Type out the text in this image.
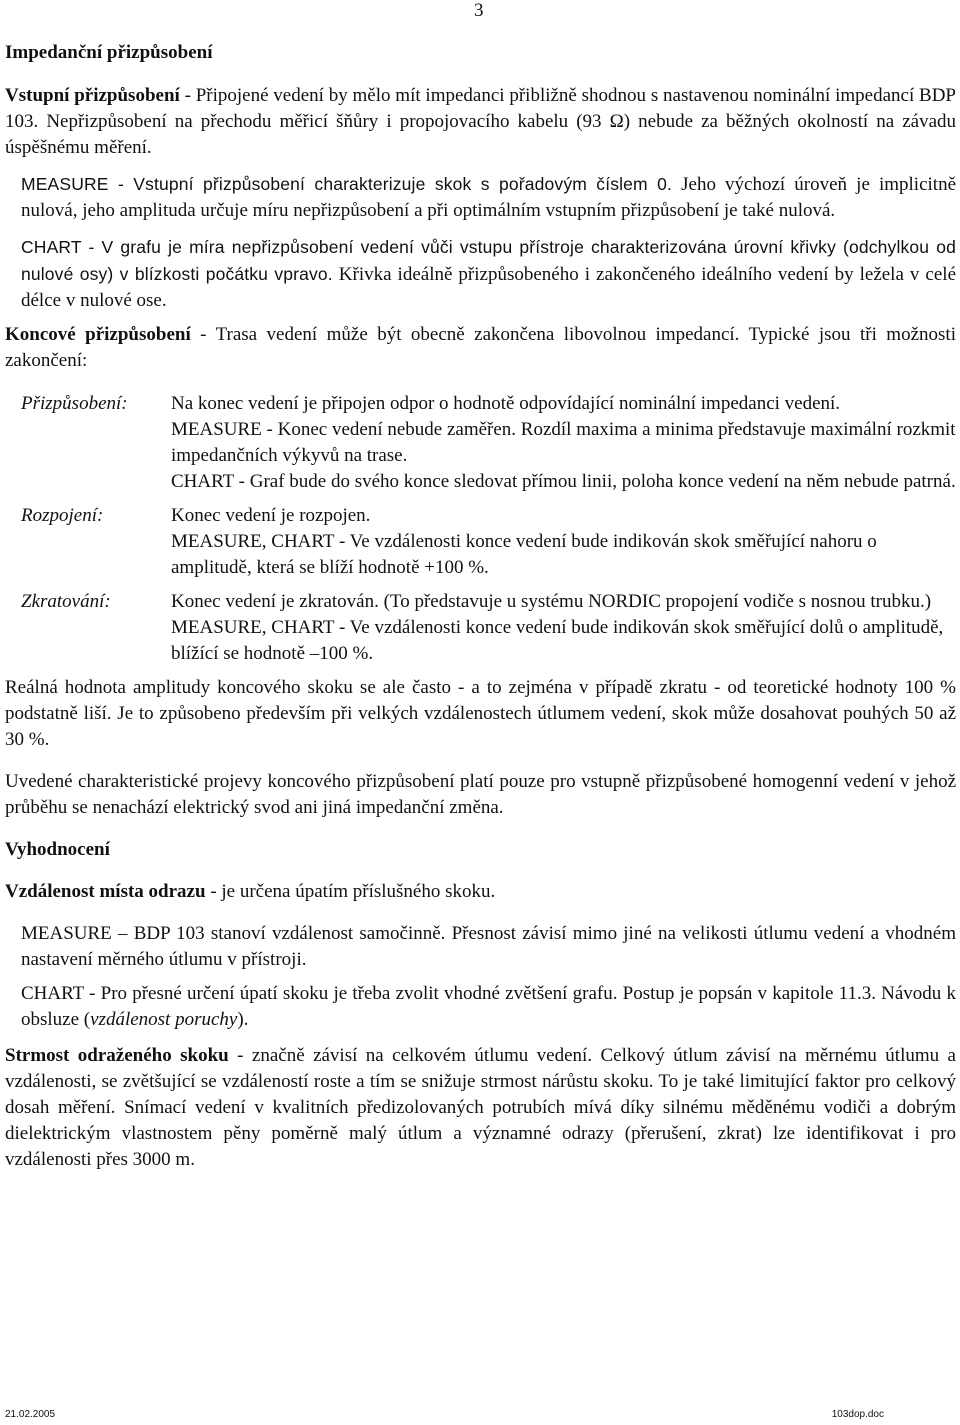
3

Impedanční přizpůsobení

Vstupní přizpůsobení - Připojené vedení by mělo mít impedanci přibližně shodnou s nastavenou nominální impedancí BDP 103. Nepřizpůsobení na přechodu měřicí šňůry i propojovacího kabelu (93 Ω) nebude za běžných okolností na závadu úspěšnému měření.

MEASURE - Vstupní přizpůsobení charakterizuje skok s pořadovým číslem 0. Jeho výchozí úroveň je implicitně nulová, jeho amplituda určuje míru nepřizpůsobení a při optimálním vstupním přizpůsobení je také nulová.

CHART - V grafu je míra nepřizpůsobení vedení vůči vstupu přístroje charakterizována úrovní křivky (odchylkou od nulové osy) v blízkosti počátku vpravo. Křivka ideálně přizpůsobeného i zakončeného ideálního vedení by ležela v celé délce v nulové ose.

Koncové přizpůsobení - Trasa vedení může být obecně zakončena libovolnou impedancí. Typické jsou tři možnosti zakončení:

Přizpůsobení:	Na konec vedení je připojen odpor o hodnotě odpovídající nominální impedanci vedení.

MEASURE - Konec vedení nebude zaměřen. Rozdíl maxima a minima představuje maximální rozkmit impedančních výkyvů na trase.

CHART - Graf bude do svého konce sledovat přímou linii, poloha konce vedení na něm nebude patrná.

Rozpojení:	Konec vedení je rozpojen.

MEASURE, CHART - Ve vzdálenosti konce vedení bude indikován skok směřující nahoru o amplitudě, která se blíží hodnotě +100 %.

Zkratování:	Konec vedení je zkratován. (To představuje u systému NORDIC propojení vodiče s nosnou trubku.)

MEASURE, CHART - Ve vzdálenosti konce vedení bude indikován skok směřující dolů o amplitudě, blížící se hodnotě –100 %.

Reálná hodnota amplitudy koncového skoku se ale často - a to zejména v případě zkratu - od teoretické hodnoty 100 % podstatně liší. Je to způsobeno především při velkých vzdálenostech útlumem vedení, skok může dosahovat pouhých 50 až 30 %.

Uvedené charakteristické projevy koncového přizpůsobení platí pouze pro vstupně přizpůsobené homogenní vedení v jehož průběhu se nenachází elektrický svod ani jiná impedanční změna.

Vyhodnocení

Vzdálenost místa odrazu - je určena úpatím příslušného skoku.

MEASURE – BDP 103 stanoví vzdálenost samočinně. Přesnost závisí mimo jiné na velikosti útlumu vedení a vhodném nastavení měrného útlumu v přístroji.

CHART - Pro přesné určení úpatí skoku je třeba zvolit vhodné zvětšení grafu. Postup je popsán v kapitole 11.3. Návodu k obsluze (vzdálenost poruchy).

Strmost odraženého skoku - značně závisí na celkovém útlumu vedení. Celkový útlum závisí na měrnému útlumu a vzdálenosti, se zvětšující se vzdáleností roste a tím se snižuje strmost nárůstu skoku. To je také limitující faktor pro celkový dosah měření. Snímací vedení v kvalitních předizolovaných potrubích mívá díky silnému měděnému vodiči a dobrým dielektrickým vlastnostem pěny poměrně malý útlum a významné odrazy (přerušení, zkrat) lze identifikovat i pro vzdálenosti přes 3000 m.

21.02.2005	103dop.doc
